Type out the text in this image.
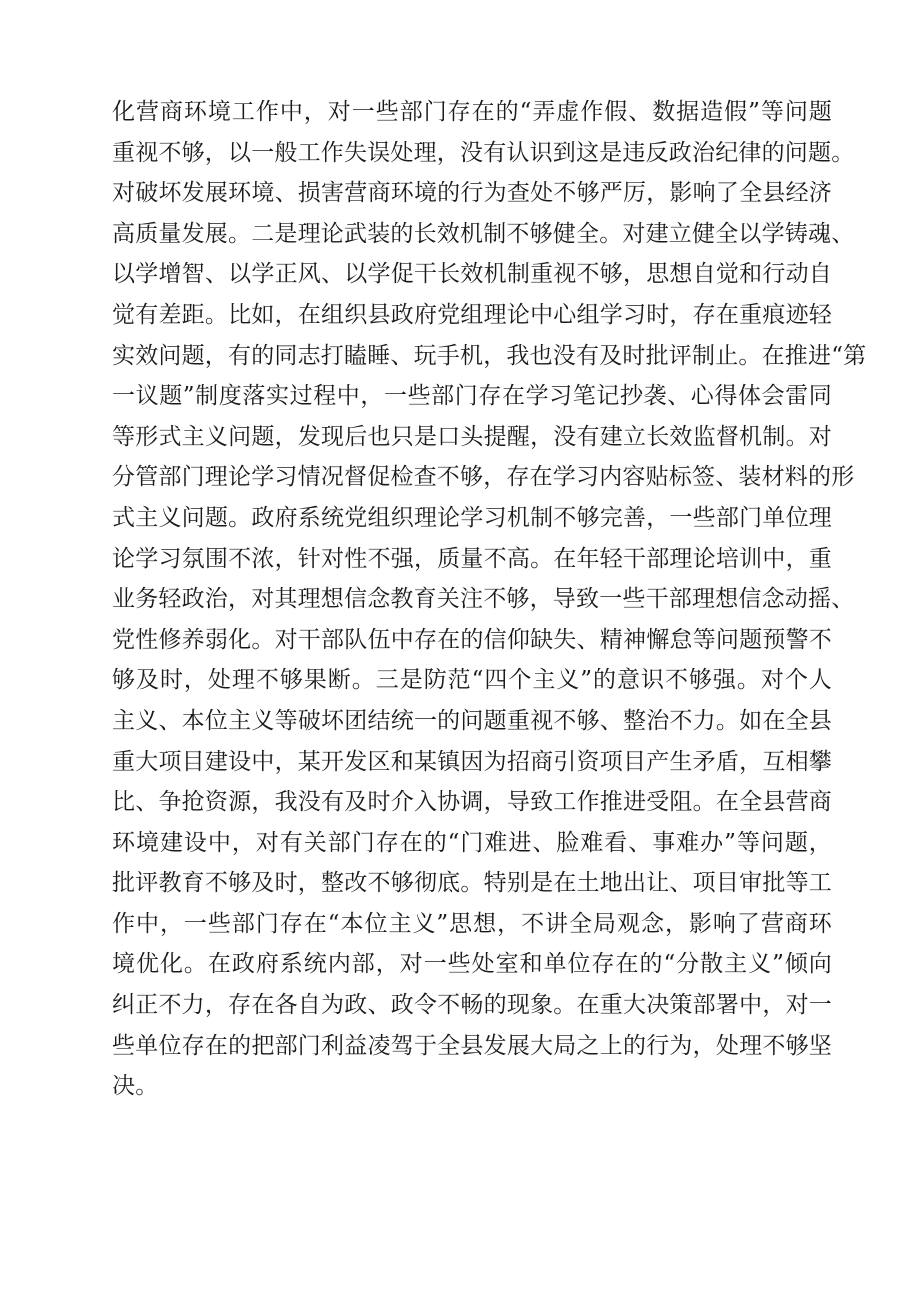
化营商环境工作中，对一些部门存在的“弄虚作假、数据造假”等问题
重视不够，以一般工作失误处理，没有认识到这是违反政治纪律的问题。
对破坏发展环境、损害营商环境的行为查处不够严厉，影响了全县经济
高质量发展。二是理论武装的长效机制不够健全。对建立健全以学铸魂、
以学增智、以学正风、以学促干长效机制重视不够，思想自觉和行动自
觉有差距。比如，在组织县政府党组理论中心组学习时，存在重痕迹轻
实效问题，有的同志打瞌睡、玩手机，我也没有及时批评制止。在推进“第
一议题”制度落实过程中，一些部门存在学习笔记抄袭、心得体会雷同
等形式主义问题，发现后也只是口头提醒，没有建立长效监督机制。对
分管部门理论学习情况督促检查不够，存在学习内容贴标签、装材料的形
式主义问题。政府系统党组织理论学习机制不够完善，一些部门单位理
论学习氛围不浓，针对性不强，质量不高。在年轻干部理论培训中，重
业务轻政治，对其理想信念教育关注不够，导致一些干部理想信念动摇、
党性修养弱化。对干部队伍中存在的信仰缺失、精神懈怠等问题预警不
够及时，处理不够果断。三是防范“四个主义”的意识不够强。对个人
主义、本位主义等破坏团结统一的问题重视不够、整治不力。如在全县
重大项目建设中，某开发区和某镇因为招商引资项目产生矛盾，互相攀
比、争抢资源，我没有及时介入协调，导致工作推进受阻。在全县营商
环境建设中，对有关部门存在的“门难进、脸难看、事难办”等问题，
批评教育不够及时，整改不够彻底。特别是在土地出让、项目审批等工
作中，一些部门存在“本位主义”思想，不讲全局观念，影响了营商环
境优化。在政府系统内部，对一些处室和单位存在的“分散主义”倾向
纠正不力，存在各自为政、政令不畅的现象。在重大决策部署中，对一
些单位存在的把部门利益凌驾于全县发展大局之上的行为，处理不够坚
决。
